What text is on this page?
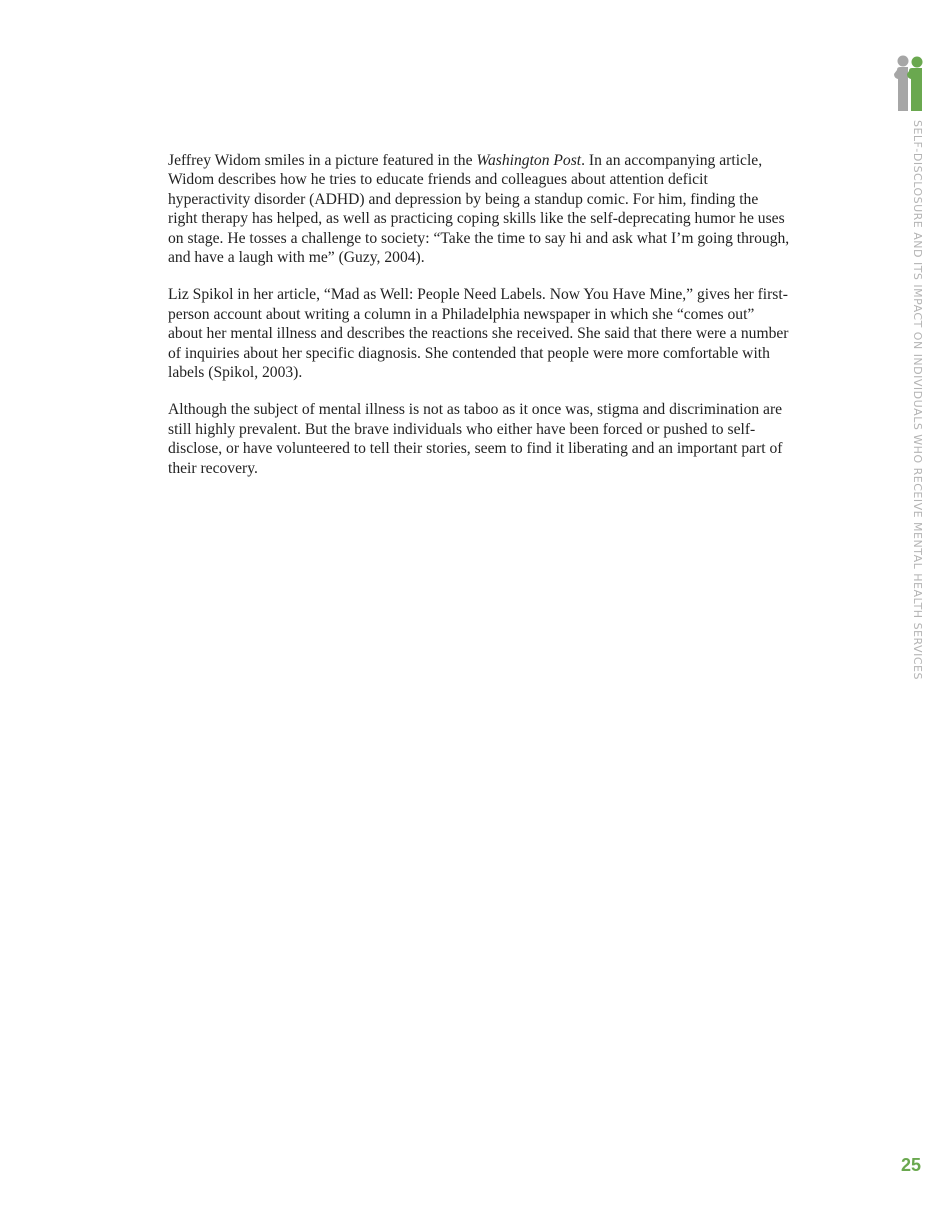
SELF-DISCLOSURE AND ITS IMPACT ON INDIVIDUALS WHO RECEIVE MENTAL HEALTH SERVICES

Jeffrey Widom smiles in a picture featured in the Washington Post. In an accompanying article, Widom describes how he tries to educate friends and colleagues about attention deficit hyperactivity disorder (ADHD) and depression by being a standup comic. For him, finding the right therapy has helped, as well as practicing coping skills like the self-deprecating humor he uses on stage. He tosses a challenge to society: “Take the time to say hi and ask what I’m going through, and have a laugh with me” (Guzy, 2004).

Liz Spikol in her article, “Mad as Well: People Need Labels. Now You Have Mine,” gives her first-person account about writing a column in a Philadelphia newspaper in which she “comes out” about her mental illness and describes the reactions she received. She said that there were a number of inquiries about her specific diagnosis. She contended that people were more comfortable with labels (Spikol, 2003).

Although the subject of mental illness is not as taboo as it once was, stigma and discrimination are still highly prevalent. But the brave individuals who either have been forced or pushed to self-disclose, or have volunteered to tell their stories, seem to find it liberating and an important part of their recovery.

25
